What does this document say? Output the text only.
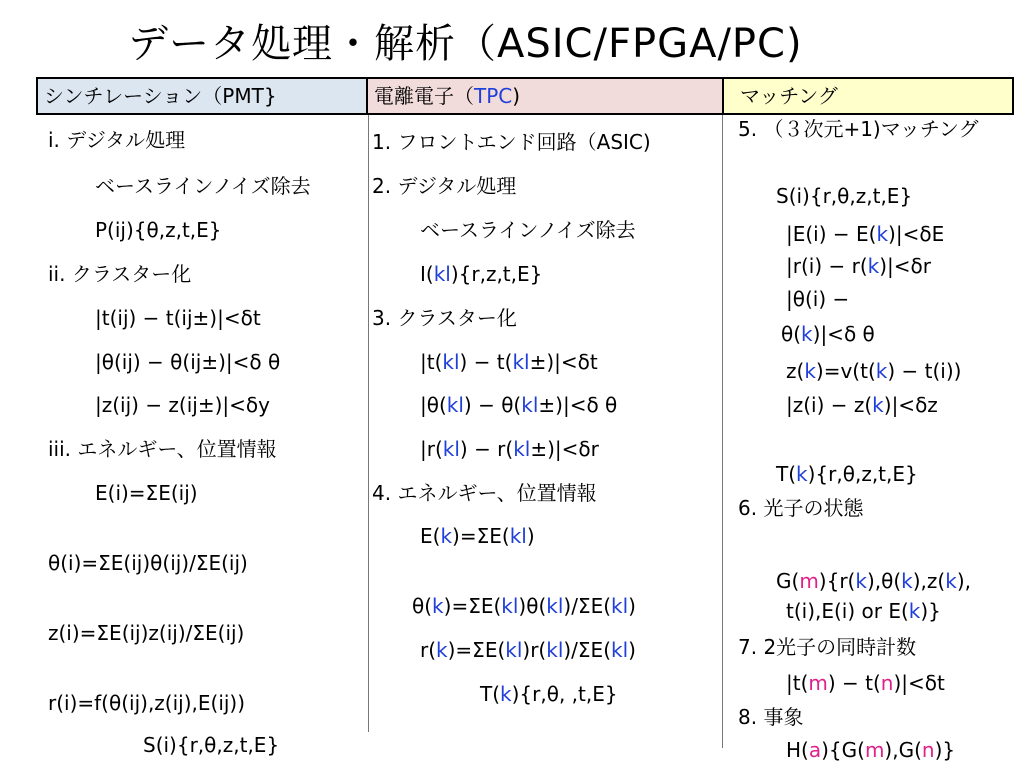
データ処理・解析（ASIC/FPGA/PC)
シンチレーション（PMT}	電離電子（TPC)	マッチング
i. デジタル処理
ベースラインノイズ除去
P(ij){θ,z,t,E}
ii. クラスター化
|t(ij) − t(ij±)|<δt
|θ(ij) − θ(ij±)|<δ θ
|z(ij) − z(ij±)|<δy
iii. エネルギー、位置情報
E(i)=ΣE(ij)
θ(i)=ΣE(ij)θ(ij)/ΣE(ij)
z(i)=ΣE(ij)z(ij)/ΣE(ij)
r(i)=f(θ(ij),z(ij),E(ij))
S(i){r,θ,z,t,E}
1. フロントエンド回路（ASIC)
2. デジタル処理
ベースラインノイズ除去
I(kl){r,z,t,E}
3. クラスター化
|t(kl) − t(kl±)|<δt
|θ(kl) − θ(kl±)|<δ θ
|r(kl) − r(kl±)|<δr
4. エネルギー、位置情報
E(k)=ΣE(kl)
θ(k)=ΣE(kl)θ(kl)/ΣE(kl)
r(k)=ΣE(kl)r(kl)/ΣE(kl)
T(k){r,θ, ,t,E}
5. （３次元+1)マッチング
S(i){r,θ,z,t,E}
|E(i) − E(k)|<δE
|r(i) − r(k)|<δr
|θ(i) −
θ(k)|<δ θ
z(k)=v(t(k) − t(i))
|z(i) − z(k)|<δz
T(k){r,θ,z,t,E}
6. 光子の状態
G(m){r(k),θ(k),z(k),
t(i),E(i) or E(k)}
7. 2光子の同時計数
|t(m) − t(n)|<δt
8. 事象
H(a){G(m),G(n)}
